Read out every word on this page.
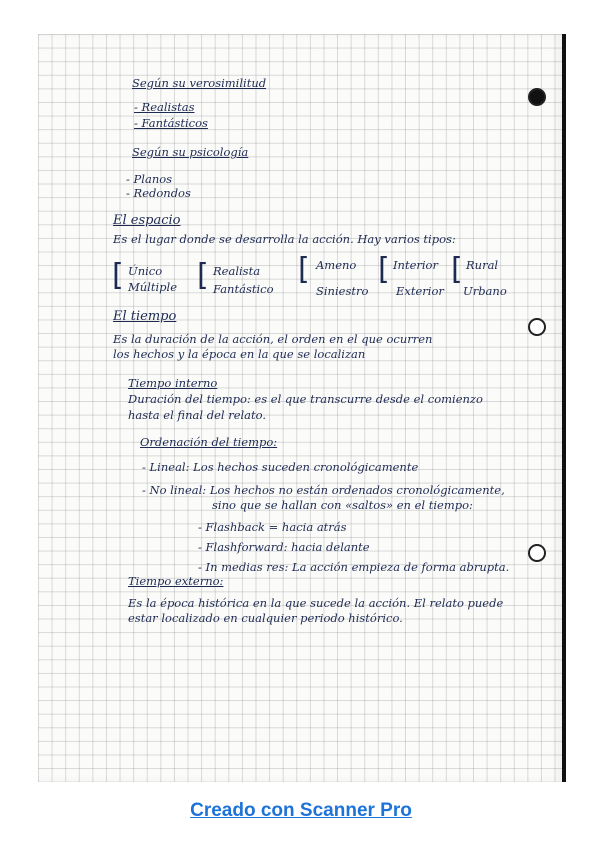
Según su verosimilitud
- Realistas
- Fantásticos
Según su psicología
- Planos
- Redondos
El espacio
Es el lugar donde se desarrolla la acción. Hay varios tipos:
[ Único
Múltiple [ Realista
Fantástico
[ Ameno
Siniestro
[ Interior
Exterior
[ Rural
Urbano
El tiempo
Es la duración de la acción, el orden en el que ocurren
los hechos y la época en la que se localizan
Tiempo interno
Duración del tiempo: es el que transcurre desde el comienzo
hasta el final del relato.
Ordenación del tiempo:
- Lineal: Los hechos suceden cronológicamente
- No lineal: Los hechos no están ordenados cronológicamente,
sino que se hallan con «saltos» en el tiempo:
- Flashback = hacia atrás
- Flashforward: hacia delante
- In medias res: La acción empieza de forma abrupta.
Tiempo externo:
Es la época histórica en la que sucede la acción. El relato puede
estar localizado en cualquier periodo histórico.
Creado con Scanner Pro
